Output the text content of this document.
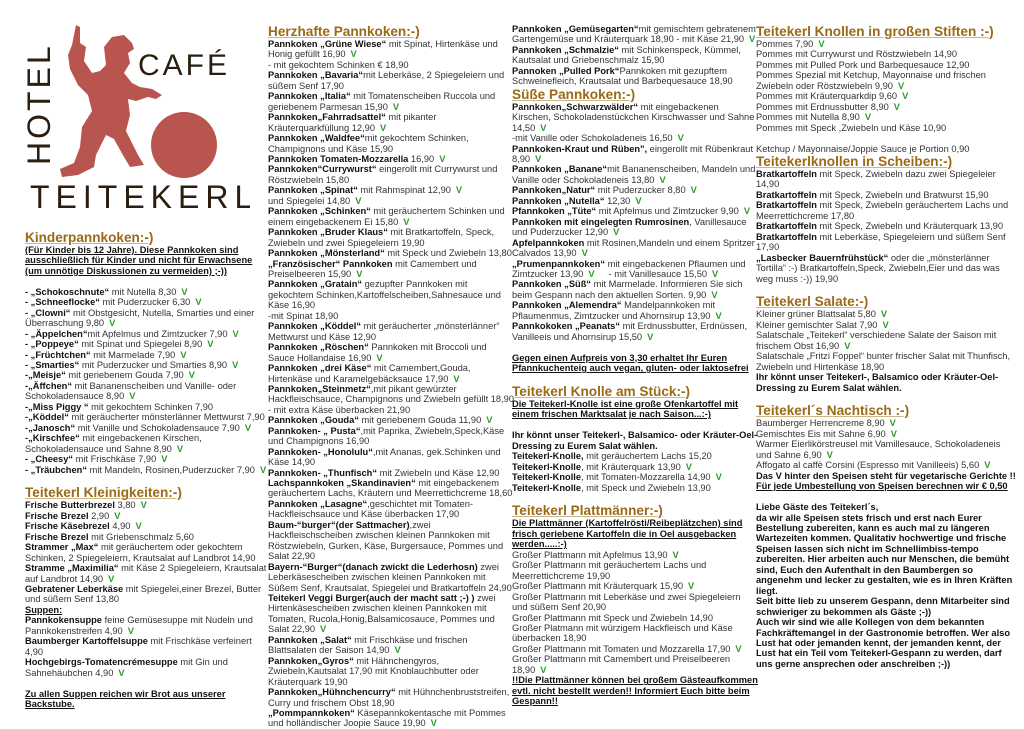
HOTEL	CAFÉ
TEITEKERL
Kinderpannkoken:-)
(Für Kinder bis 12 Jahre). Diese Pannkoken sind ausschließlich für Kinder und nicht für Erwachsene (um unnötige Diskussionen zu vermeiden) ;-))
- „Schokoschnute“ mit Nutella 8,30 V
- „Schneeflocke“ mit Puderzucker 6,30 V
- „Clowni“ mit Obstgesicht, Nutella, Smarties und einer Überraschung 9,80 V
- „Äppelchen“mit Apfelmus und Zimtzucker 7,90 V
- „Poppeye“ mit Spinat und Spiegelei 8,90 V
- „Früchtchen“ mit Marmelade 7,90 V
- „Smarties“ mit Puderzucker und Smarties 8,90 V
-„Meisje“ mit geriebenem Gouda 7,90 V
-„Äffchen“ mit Bananenscheiben und Vanille- oder Schokoladensauce 8,90 V
-„Miss Piggy “ mit gekochtem Schinken 7,90
-„Köddel“ mit geräucherter mönsterlänner Mettwurst 7,90
-„Janosch“ mit Vanille und Schokoladensauce 7,90 V
-„Kirschfee“ mit eingebackenen Kirschen, Schokoladensauce und Sahne 8,90 V
- „Cheesy“ mit Frischkäse 7,90 V
- „Träubchen“ mit Mandeln, Rosinen,Puderzucker 7,90 V
Teitekerl Kleinigkeiten:-)
Frische Butterbrezel 3,80 V
Frische Brezel 2,90 V
Frische Käsebrezel 4,90 V
Frische Brezel mit Griebenschmalz 5,60
Strammer „Max“ mit geräuchertem oder gekochtem Schinken, 2 Spiegeleiern, Krautsalat auf Landbrot 14,90
Stramme „Maximilia“ mit Käse 2 Spiegeleiern, Krautsalat auf Landbrot 14,90 V
Gebratener Leberkäse mit Spiegelei,einer Brezel, Butter und süßem Senf 13,80
Suppen:
Pannkokensuppe feine Gemüsesuppe mit Nudeln und Pannkokenstreifen 4,90 V
Baumberger Kartoffelsuppe mit Frischkäse verfeinert 4,90
Hochgebirgs-Tomatencrémesuppe mit Gin und Sahnehäubchen 4,90 V
Zu allen Suppen reichen wir Brot aus unserer Backstube.
Herzhafte Pannkoken:-)
Pannkoken „Grüne Wiese“ mit Spinat, Hirtenkäse und Honig gefüllt 16,90 V
- mit gekochtem Schinken € 18,90
Pannkoken „Bavaria“mit Leberkäse, 2 Spiegeleiern und süßem Senf 17,90
Pannkoken „Italia“ mit Tomatenscheiben Ruccola und geriebenem Parmesan 15,90 V
Pannkoken„Fahrradsattel“ mit pikanter Kräuterquarkfüllung 12,90 V
Pannkoken „Waldfee“mit gekochtem Schinken, Champignons und Käse 15,90
Pannkoken Tomaten-Mozzarella 16,90 V
Pannkoken“Currywurst“ eingerollt mit Currywurst und Röstzwiebeln 15,80
Pannkoken „Spinat“ mit Rahmspinat 12,90 V
und Spiegelei 14,80 V
Pannkoken „Schinken“ mit geräuchertem Schinken und einem eingebackenem Ei 15,80 V
Pannkoken „Bruder Klaus“ mit Bratkartoffeln, Speck, Zwiebeln und zwei Spiegeleiern 19,90
Pannkoken „Mönsterland“ mit Speck und Zwiebeln 13,80
„Französischer“ Pannkoken mit Camembert und Preiselbeeren 15,90 V
Pannkoken „Gratain“ gezupfter Pannkoken mit gekochtem Schinken,Kartoffelscheiben,Sahnesauce und Käse 16,90
-mit Spinat 18,90
Pannkoken „Köddel“ mit geräucherter „mönsterlänner“ Mettwurst und Käse 12,90
Pannkoken „Röschen“ Pannkoken mit Broccoli und Sauce Hollandaise 16,90 V
Pannkoken „drei Käse“ mit Camembert,Gouda, Hirtenkäse und Karamelgebäcksauce 17,90 V
Pannkoken„Steinmetz“,mit pikant gewürzter Hackfleischsauce, Champignons und Zwiebeln gefüllt 18,90
- mit extra Käse überbacken 21,90
Pannkoken „Gouda“ mit geriebenem Gouda 11,90 V
Pannkoken- „ Pusta“,mit Paprika, Zwiebeln,Speck,Käse und Champignons 16,90
Pannkoken- „Honolulu“,mit Ananas, gek.Schinken und Käse 14,90
Pannkoken- „Thunfisch“ mit Zwiebeln und Käse 12,90
Lachspannkoken „Skandinavien“ mit eingebackenem geräuchertem Lachs, Kräutern und Meerrettichcreme 18,60
Pannkoken „Lasagne“,geschichtet mit Tomaten-Hackfleischsauce und Käse überbacken 17,90
Baum-“burger“(der Sattmacher),zwei Hackfleischscheiben zwischen kleinen Pannkoken mit Röstzwiebeln, Gurken, Käse, Burgersauce, Pommes und Salat 22,90
Bayern-“Burger“(danach zwickt die Lederhosn) zwei Leberkäsescheiben zwischen kleinen Pannkoken mit Süßem Senf, Krautsalat, Spiegelei und Bratkartoffeln 24,90
Teitekerl Veggi Burger(auch der macht satt ;-) ) zwei Hirtenkäsescheiben zwischen kleinen Pannkoken mit Tomaten, Rucola,Honig,Balsamicosauce, Pommes und Salat 22,90 V
Pannkoken „Salat“ mit Frischkäse und frischen Blattsalaten der Saison 14,90 V
Pannkoken„Gyros“ mit Hähnchengyros, Zwiebeln,Kautsalat 17,90 mit Knoblauchbutter oder Kräuterquark 19,90
Pannkoken„Hühnchencurry“ mit Hühnchenbruststreifen, Curry und frischem Obst 18,90
„Pommpannkoken“ Käsepannkokentasche mit Pommes und holländischer Joopie Sauce 19,90 V
Pannkoken „Gemüsegarten“mit gemischtem gebratenem Gartengemüse und Kräuterquark 18,90 - mit Käse 21,90 V
Pannkoken „Schmalzie“ mit Schinkenspeck, Kümmel, Kautsalat und Griebenschmalz 15,90
Pannoken „Pulled Pork“Pannkoken mit gezupftem Schweinefleich, Krautsalat und Barbequesauce 18,90
Süße Pannkoken:-)
Pannkoken„Schwarzwälder“ mit eingebackenen Kirschen, Schokoladenstückchen Kirschwasser und Sahne 14,50 V
-mit Vanille oder Schokoladeneis 16,50 V
Pannkoken-Kraut und Rüben", eingerollt mit Rübenkraut 8,90 V
Pannkoken „Banane“mit Bananenscheiben, Mandeln und Vanille oder Schokoladeneis 13,80 V
Pannkoken„Natur“ mit Puderzucker 8,80 V
Pannkoken „Nutella“ 12,30 V
Pfannkoken „Tüte“ mit Apfelmus und Zimtzucker 9,90 V
Pannkoken mit eingelegten Rumrosinen, Vanillesauce und Puderzucker 12,90 V
Apfelpannkoken mit Rosinen,Mandeln und einem Spritzer Calvados 13,90 V
„Prumenpannkoken“ mit eingebackenen Pflaumen und Zimtzucker 13,90 V - mit Vanillesauce 15,50 V
Pannkoken „Süß“ mit Marmelade. Informieren Sie sich beim Gespann nach den aktuellen Sorten. 9,90 V
Pannkoken „Alemendra“ Mandelpannkoken mit Pflaumenmus, Zimtzucker und Ahornsirup 13,90 V
Pannkokoken „Peanats“ mit Erdnussbutter, Erdnüssen, Vanilleeis und Ahornsirup 15,50 V
Gegen einen Aufpreis von 3,30 erhaltet Ihr Euren Pfannkuchenteig auch vegan, gluten- oder laktosefrei
Teitekerl Knolle am Stück:-)
Die Teitekerl-Knolle ist eine große Ofenkartoffel mit einem frischen Marktsalat je nach Saison...:-)
Ihr könnt unser Teitekerl-, Balsamico- oder Kräuter-Oel-Dressing zu Eurem Salat wählen.
Teitekerl-Knolle, mit geräuchertem Lachs 15,20
Teitekerl-Knolle, mit Kräuterquark 13,90 V
Teitekerl-Knolle, mit Tomaten-Mozzarella 14,90 V
Teitekerl-Knolle, mit Speck und Zwiebeln 13,90
Teitekerl Plattmänner:-)
Die Plattmänner (Kartoffelrösti/Reibeplätzchen) sind frisch geriebene Kartoffeln die in Oel ausgebacken werden.....:-)
Großer Plattmann mit Apfelmus 13,90 V
Großer Plattmann mit geräuchertem Lachs und Meerrettichcreme 19,90
Großer Plattmann mit Kräuterquark 15,90 V
Großer Plattmann mit Leberkäse und zwei Spiegeleiern und süßem Senf 20,90
Großer Plattmann mit Speck und Zwiebeln 14,90
Großer Platmann mit würzigem Hackfleisch und Käse überbacken 18,90
Großer Plattmann mit Tomaten und Mozzarella 17,90 V
Großer Plattmann mit Camembert und Preiselbeeren 18,90 V
!!Die Plattmänner können bei großem Gästeaufkommen evtl. nicht bestellt werden!! Informiert Euch bitte beim Gespann!!
Teitekerl Knollen in großen Stiften :-)
Pommes 7,90 V
Pommes mit Currywurst und Röstzwiebeln 14,90
Pommes mit Pulled Pork und Barbequesauce 12,90
Pommes Spezial mit Ketchup, Mayonnaise und frischen Zwiebeln oder Röstzwiebeln 9,90 V
Pommes mit Kräuterquarkdip 9,60 V
Pommes mit Erdnussbutter 8,90 V
Pommes mit Nutella 8,90 V
Pommes mit Speck ,Zwiebeln und Käse 10,90
Ketchup / Mayonnaise/Joppie Sauce je Portion 0,90
Teitekerlknollen in Scheiben:-)
Bratkartoffeln mit Speck, Zwiebeln dazu zwei Spiegeleier 14,90
Bratkartoffeln mit Speck, Zwiebeln und Bratwurst 15,90
Bratkartoffeln mit Speck, Zwiebeln geräuchertem Lachs und Meerrettichcreme 17,80
Bratkartoffeln mit Speck, Zwiebeln und Kräuterquark 13,90
Bratkartoffeln mit Leberkäse, Spiegeleiern und süßem Senf 17,90
„Lasbecker Bauernfrühstück“ oder die „mönsterlänner Tortilla“ :-) Bratkartoffeln,Speck, Zwiebeln,Eier und das was weg muss :-)) 19,90
Teitekerl Salate:-)
Kleiner grüner Blattsalat 5,80 V
Kleiner gemischter Salat 7,90 V
Salatschale „Teitekerl“ verschiedene Salate der Saison mit frischem Obst 16,90 V
Salatschale „Fritzi Foppel“ bunter frischer Salat mit Thunfisch, Zwiebeln und Hirtenkäse 18,90
Ihr könnt unser Teitekerl-, Balsamico oder Kräuter-Oel-Dressing zu Eurem Salat wählen.
Teitekerl´s Nachtisch :-)
Baumberger Herrencreme 8,90 V
Gemischtes Eis mit Sahne 6,90 V
Warmer Eierlikörstreusel mit Vamillesauce, Schokoladeneis und Sahne 6,90 V
Affogato al caffè Corsini (Espresso mit Vanilleeis) 5,60 V
Das V hinter den Speisen steht für vegetarische Gerichte !!
Für jede Umbestellung von Speisen berechnen wir € 0,50
Liebe Gäste des Teitekerl´s,
da wir alle Speisen stets frisch und erst nach Eurer Bestellung zubereiten, kann es auch mal zu längeren Wartezeiten kommen. Qualitativ hochwertige und frische Speisen lassen sich nicht im Schnellimbiss-tempo zubereiten. Hier arbeiten auch nur Menschen, die bemüht sind, Euch den Aufenthalt in den Baumbergen so angenehm und lecker zu gestalten, wie es in Ihren Kräften liegt.
Seit bitte lieb zu unserem Gespann, denn Mitarbeiter sind schwieriger zu bekommen als Gäste ;-))
Auch wir sind wie alle Kollegen von dem bekannten Fachkräftemangel in der Gastronomie betroffen. Wer also Lust hat oder jemanden kennt, der jemanden kennt, der Lust hat ein Teil vom Teitekerl-Gespann zu werden, darf uns gerne ansprechen oder anschreiben ;-))
